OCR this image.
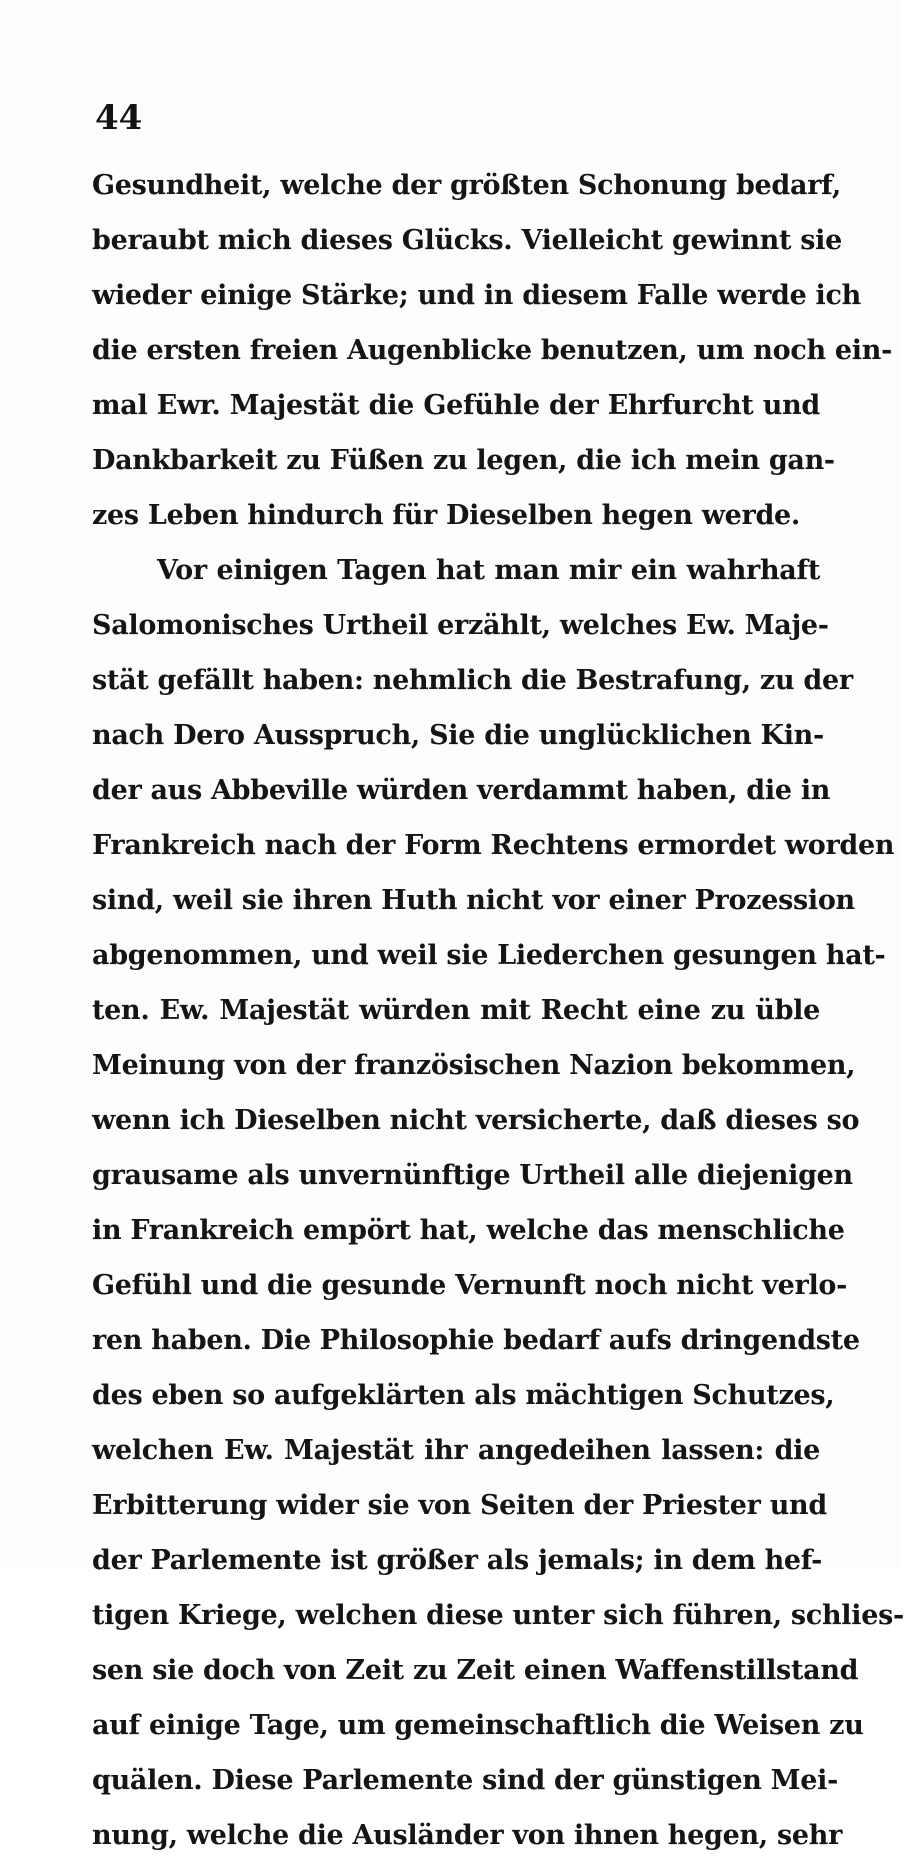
44
Gesundheit, welche der größten Schonung bedarf,
beraubt mich dieses Glücks. Vielleicht gewinnt sie
wieder einige Stärke; und in diesem Falle werde ich
die ersten freien Augenblicke benutzen, um noch ein-
mal Ewr. Majestät die Gefühle der Ehrfurcht und
Dankbarkeit zu Füßen zu legen, die ich mein gan-
zes Leben hindurch für Dieselben hegen werde.
Vor einigen Tagen hat man mir ein wahrhaft
Salomonisches Urtheil erzählt, welches Ew. Maje-
stät gefällt haben: nehmlich die Bestrafung, zu der
nach Dero Ausspruch, Sie die unglücklichen Kin-
der aus Abbeville würden verdammt haben, die in
Frankreich nach der Form Rechtens ermordet worden
sind, weil sie ihren Huth nicht vor einer Prozession
abgenommen, und weil sie Liederchen gesungen hat-
ten. Ew. Majestät würden mit Recht eine zu üble
Meinung von der französischen Nazion bekommen,
wenn ich Dieselben nicht versicherte, daß dieses so
grausame als unvernünftige Urtheil alle diejenigen
in Frankreich empört hat, welche das menschliche
Gefühl und die gesunde Vernunft noch nicht verlo-
ren haben. Die Philosophie bedarf aufs dringendste
des eben so aufgeklärten als mächtigen Schutzes,
welchen Ew. Majestät ihr angedeihen lassen: die
Erbitterung wider sie von Seiten der Priester und
der Parlemente ist größer als jemals; in dem hef-
tigen Kriege, welchen diese unter sich führen, schlies-
sen sie doch von Zeit zu Zeit einen Waffenstillstand
auf einige Tage, um gemeinschaftlich die Weisen zu
quälen. Diese Parlemente sind der günstigen Mei-
nung, welche die Ausländer von ihnen hegen, sehr
